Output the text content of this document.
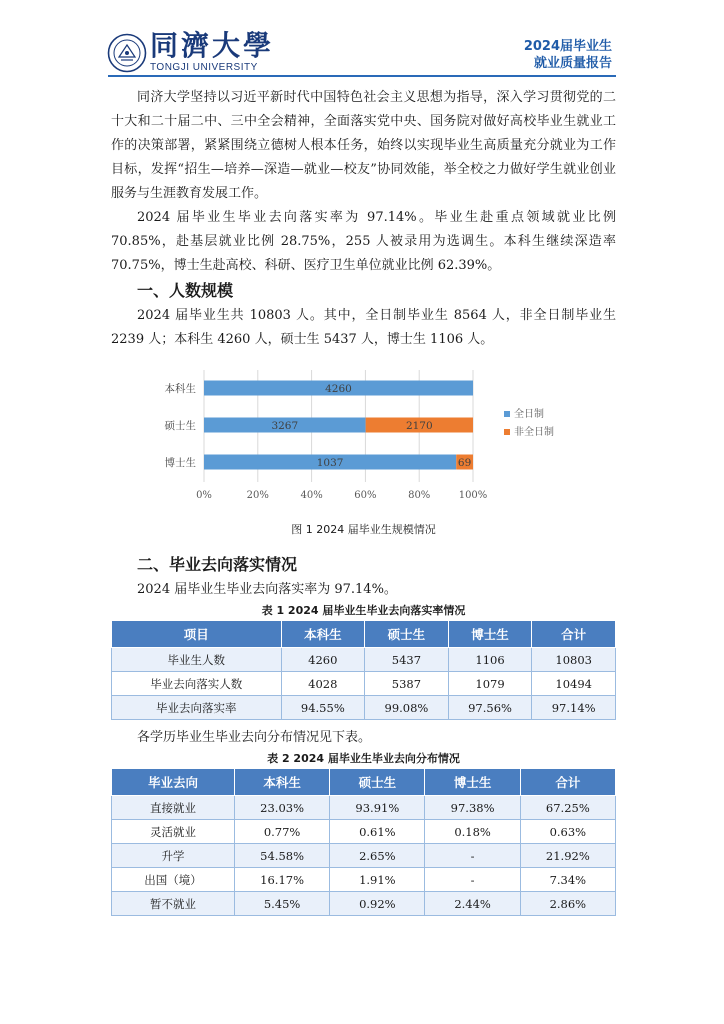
同濟大學
TONGJI UNIVERSITY
2024届毕业生
就业质量报告

同济大学坚持以习近平新时代中国特色社会主义思想为指导，深入学习贯彻党的二十大和二十届二中、三中全会精神，全面落实党中央、国务院对做好高校毕业生就业工作的决策部署，紧紧围绕立德树人根本任务，始终以实现毕业生高质量充分就业为工作目标，发挥“招生—培养—深造—就业—校友”协同效能，举全校之力做好学生就业创业服务与生涯教育发展工作。

2024 届毕业生毕业去向落实率为 97.14%。毕业生赴重点领域就业比例 70.85%，赴基层就业比例 28.75%，255 人被录用为选调生。本科生继续深造率 70.75%，博士生赴高校、科研、医疗卫生单位就业比例 62.39%。

一、人数规模

2024 届毕业生共 10803 人。其中，全日制毕业生 8564 人，非全日制毕业生 2239 人；本科生 4260 人，硕士生 5437 人，博士生 1106 人。

0%	20%	40%	60%	80%	100%
本科生	4260
硕士生	3267	2170
博士生	1037	69
全日制
非全日制
图 1 2024 届毕业生规模情况
二、毕业去向落实情况

2024 届毕业生毕业去向落实率为 97.14%。

表 1 2024 届毕业生毕业去向落实率情况
项目	本科生	硕士生	博士生	合计
毕业生人数	4260	5437	1106	10803
毕业去向落实人数	4028	5387	1079	10494
毕业去向落实率	94.55%	99.08%	97.56%	97.14%

各学历毕业生毕业去向分布情况见下表。

表 2 2024 届毕业生毕业去向分布情况
毕业去向	本科生	硕士生	博士生	合计
直接就业	23.03%	93.91%	97.38%	67.25%
灵活就业	0.77%	0.61%	0.18%	0.63%
升学	54.58%	2.65%	-	21.92%
出国（境）	16.17%	1.91%	-	7.34%
暂不就业	5.45%	0.92%	2.44%	2.86%
